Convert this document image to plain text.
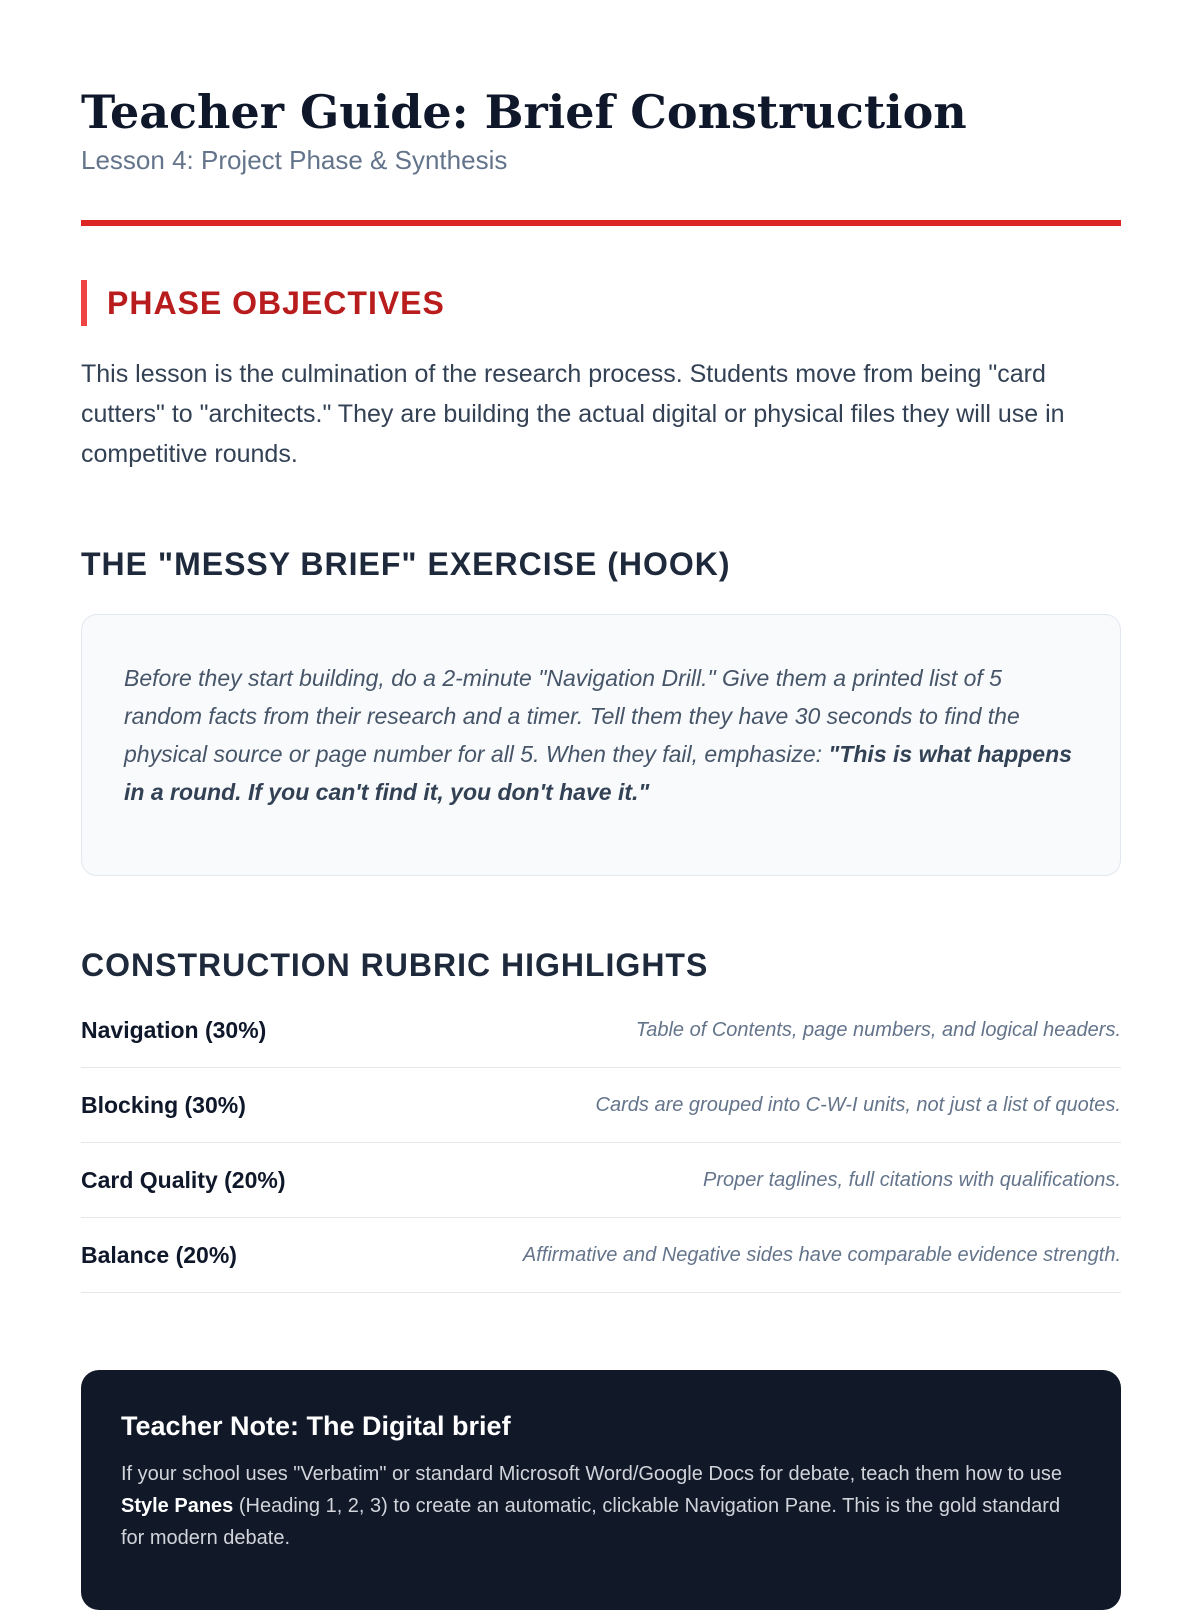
Teacher Guide: Brief Construction

Lesson 4: Project Phase & Synthesis

PHASE OBJECTIVES

This lesson is the culmination of the research process. Students move from being "card cutters" to "architects." They are building the actual digital or physical files they will use in competitive rounds.

THE "MESSY BRIEF" EXERCISE (HOOK)

Before they start building, do a 2-minute "Navigation Drill." Give them a printed list of 5 random facts from their research and a timer. Tell them they have 30 seconds to find the physical source or page number for all 5. When they fail, emphasize: "This is what happens in a round. If you can't find it, you don't have it."

CONSTRUCTION RUBRIC HIGHLIGHTS
Navigation (30%)	Table of Contents, page numbers, and logical headers.
Blocking (30%)	Cards are grouped into C-W-I units, not just a list of quotes.
Card Quality (20%)	Proper taglines, full citations with qualifications.
Balance (20%)	Affirmative and Negative sides have comparable evidence strength.
Teacher Note: The Digital brief

If your school uses "Verbatim" or standard Microsoft Word/Google Docs for debate, teach them how to use Style Panes (Heading 1, 2, 3) to create an automatic, clickable Navigation Pane. This is the gold standard for modern debate.
